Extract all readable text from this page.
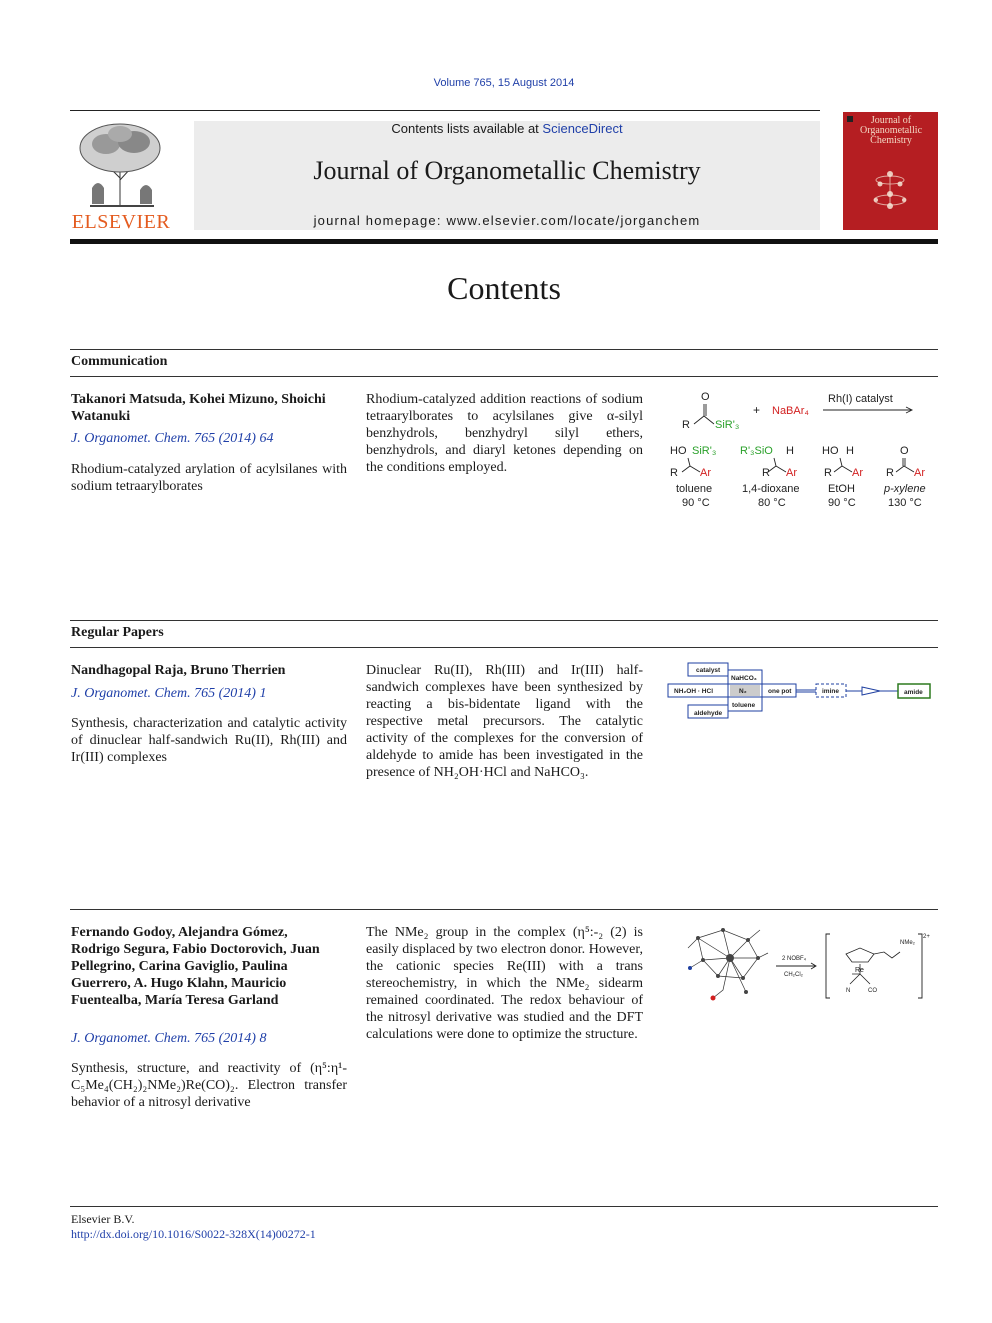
Volume 765, 15 August 2014
ELSEVIER
Contents lists available at ScienceDirect
Journal of Organometallic Chemistry
journal homepage: www.elsevier.com/locate/jorganchem
Journal of Organometallic Chemistry
Contents
Communication
Takanori Matsuda, Kohei Mizuno, Shoichi Watanuki
J. Organomet. Chem. 765 (2014) 64
Rhodium-catalyzed arylation of acylsilanes with sodium tetraarylborates
Rhodium-catalyzed addition reactions of sodium tetraarylborates to acylsilanes give α-silyl benzhydrols, benzhydryl silyl ethers, benzhydrols, and diaryl ketones depending on the conditions employed.
R
O
SiR'₃
+ NaBAr₄
Rh(I) catalyst
HO SiR'₃
R Ar
toluene
90 °C
R'₃SiO H
R Ar
1,4-dioxane
80 °C
HO H
R Ar
EtOH
90 °C
O
R Ar
p-xylene
130 °C
Regular Papers
Nandhagopal Raja, Bruno Therrien
J. Organomet. Chem. 765 (2014) 1
Synthesis, characterization and catalytic activity of dinuclear half-sandwich Ru(II), Rh(III) and Ir(III) complexes
Dinuclear Ru(II), Rh(III) and Ir(III) half-sandwich complexes have been synthesized by reacting a bis-bidentate ligand with the respective metal precursors. The catalytic activity of the complexes for the conversion of aldehyde to amide has been investigated in the presence of NH₂OH·HCl and NaHCO₃.
catalyst
NaHCO₃
NH₂OH · HCl	N₂	one pot	imine	amide
toluene
aldehyde
Fernando Godoy, Alejandra Gómez, Rodrigo Segura, Fabio Doctorovich, Juan Pellegrino, Carina Gaviglio, Paulina Guerrero, A. Hugo Klahn, Mauricio Fuentealba, María Teresa Garland
J. Organomet. Chem. 765 (2014) 8
Synthesis, structure, and reactivity of (η⁵:η¹-C₅Me₄(CH₂)₂NMe₂)Re(CO)₂. Electron transfer behavior of a nitrosyl derivative
The NMe₂ group in the complex (η⁵:-₂ (2) is easily displaced by two electron donor. However, the cationic species Re(III) with a trans stereochemistry, in which the NMe₂ sidearm remained coordinated. The redox behaviour of the nitrosyl derivative was studied and the DFT calculations were done to optimize the structure.
2 NOBF₄
CH₂Cl₂
2+
Re
NMe₂
N	CO
Elsevier B.V.
http://dx.doi.org/10.1016/S0022-328X(14)00272-1
